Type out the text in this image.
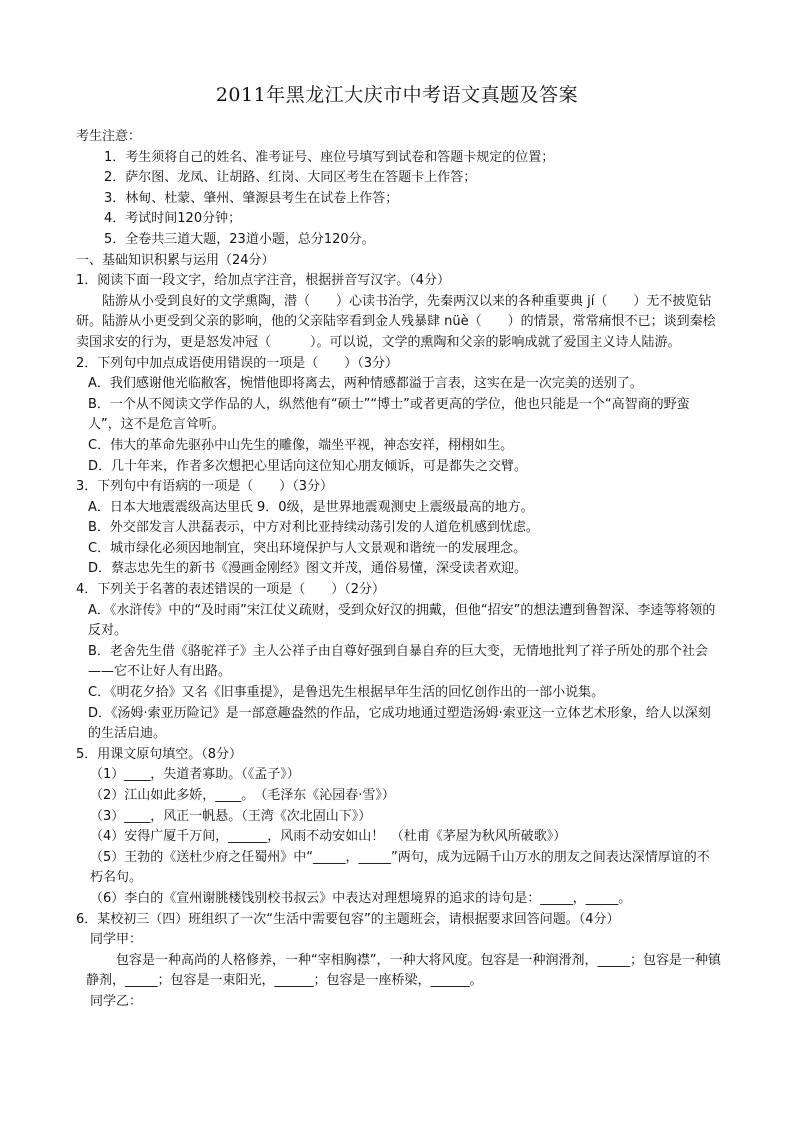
2011年黑龙江大庆市中考语文真题及答案
考生注意：
1．考生须将自己的姓名、准考证号、座位号填写到试卷和答题卡规定的位置；
2．萨尔图、龙凤、让胡路、红岗、大同区考生在答题卡上作答；
3．林甸、杜蒙、肇州、肇源县考生在试卷上作答；
4．考试时间120分钟；
5．全卷共三道大题，23道小题，总分120分。
一、基础知识积累与运用（24分）
1．阅读下面一段文字，给加点字注音，根据拼音写汉字。（4分）
陆游从小受到良好的文学熏陶，潜（　　）心读书治学，先秦两汉以来的各种重要典 jí（　　）无不披览钻研。陆游从小更受到父亲的影响，他的父亲陆宰看到金人残暴肆 nüè（　　）的情景，常常痛恨不已；谈到秦桧卖国求安的行为，更是怒发冲冠（　　　）。可以说，文学的熏陶和父亲的影响成就了爱国主义诗人陆游。
2．下列句中加点成语使用错误的一项是（　　）（3分）
A．我们感谢他光临敝客，惋惜他即将离去，两种情感都溢于言表，这实在是一次完美的送别了。
B．一个从不阅读文学作品的人，纵然他有“硕士”“博士”或者更高的学位，他也只能是一个“高智商的野蛮人”，这不是危言耸听。
C．伟大的革命先驱孙中山先生的雕像，端坐平视，神态安祥，栩栩如生。
D．几十年来，作者多次想把心里话向这位知心朋友倾诉，可是都失之交臂。
3．下列句中有语病的一项是（　　）（3分）
A．日本大地震震级高达里氏 9．0级，是世界地震观测史上震级最高的地方。
B．外交部发言人洪磊表示，中方对利比亚持续动荡引发的人道危机感到忧虑。
C．城市绿化必须因地制宜，突出环境保护与人文景观和谐统一的发展理念。
D．蔡志忠先生的新书《漫画金刚经》图文并茂，通俗易懂，深受读者欢迎。
4．下列关于名著的表述错误的一项是（　　）（2分）
A．《水浒传》中的“及时雨”宋江仗义疏财，受到众好汉的拥戴，但他“招安”的想法遭到鲁智深、李逵等将领的反对。
B．老舍先生借《骆驼祥子》主人公祥子由自尊好强到自暴自弃的巨大变，无情地批判了祥子所处的那个社会——它不让好人有出路。
C．《明花夕拾》又名《旧事重提》，是鲁迅先生根据早年生活的回忆创作出的一部小说集。
D．《汤姆·索亚历险记》是一部意趣盎然的作品，它成功地通过塑造汤姆·索亚这一立体艺术形象，给人以深刻的生活启迪。
5．用课文原句填空。（8分）
（1）____，失道者寡助。（《孟子》）
（2）江山如此多娇，____。　（毛泽东《沁园春·雪》）
（3）____，风正一帆悬。（王湾《次北固山下》）
（4）安得广厦千万间，______，风雨不动安如山！　（杜甫《茅屋为秋风所破歌》）
（5）王勃的《送杜少府之任蜀州》中“_____，_____”两句，成为远隔千山万水的朋友之间表达深情厚谊的不朽名句。
（6）李白的《宣州谢朓楼饯别校书叔云》中表达对理想境界的追求的诗句是：_____，_____。
6．某校初三（四）班组织了一次“生活中需要包容”的主题班会，请根据要求回答问题。（4分）
同学甲：
包容是一种高尚的人格修养，一种“宰相胸襟”，一种大将风度。包容是一种润滑剂，_____；包容是一种镇静剂，_____；包容是一束阳光，______；包容是一座桥梁，______。
同学乙：
